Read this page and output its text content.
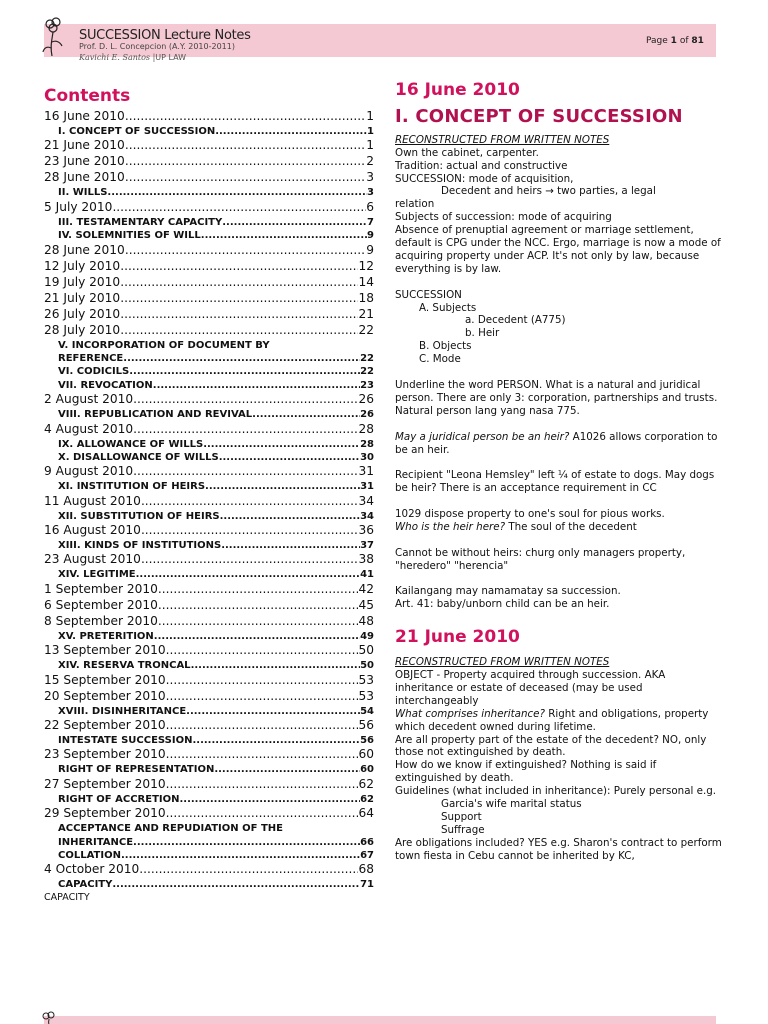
SUCCESSION Lecture Notes
Prof. D. L. Concepcion (A.Y. 2010-2011)
Kavichi E. Santos |UP LAW
Page 1 of 81
Contents
16 June 2010 .....	1
I. CONCEPT OF SUCCESSION .....	1
21 June 2010 .....	1
23 June 2010 .....	2
28 June 2010 .....	3
II. WILLS .....	3
5 July 2010 .....	6
III. TESTAMENTARY CAPACITY .....	7
IV. SOLEMNITIES OF WILL .....	9
28 June 2010 .....	9
12 July 2010 .....	12
19 July 2010 .....	14
21 July 2010 .....	18
26 July 2010 .....	21
28 July 2010 .....	22
V. INCORPORATION OF DOCUMENT BY
REFERENCE .....	22
VI. CODICILS .....	22
VII. REVOCATION .....	23
2 August 2010 .....	26
VIII. REPUBLICATION AND REVIVAL .....	26
4 August 2010 .....	28
IX. ALLOWANCE OF WILLS .....	28
X. DISALLOWANCE OF WILLS .....	30
9 August 2010 .....	31
XI. INSTITUTION OF HEIRS .....	31
11 August 2010 .....	34
XII. SUBSTITUTION OF HEIRS .....	34
16 August 2010 .....	36
XIII. KINDS OF INSTITUTIONS .....	37
23 August 2010 .....	38
XIV. LEGITIME .....	41
1 September 2010 .....	42
6 September 2010 .....	45
8 September 2010 .....	48
XV. PRETERITION .....	49
13 September 2010 .....	50
XIV. RESERVA TRONCAL .....	50
15 September 2010 .....	53
20 September 2010 .....	53
XVIII. DISINHERITANCE .....	54
22 September 2010 .....	56
INTESTATE SUCCESSION .....	56
23 September 2010 .....	60
RIGHT OF REPRESENTATION .....	60
27 September 2010 .....	62
RIGHT OF ACCRETION .....	62
29 September 2010 .....	64
ACCEPTANCE AND REPUDIATION OF THE
INHERITANCE .....	66
COLLATION .....	67
4 October 2010 .....	68
CAPACITY .....	71
CAPACITY
16 June 2010
I. CONCEPT OF SUCCESSION

RECONSTRUCTED FROM WRITTEN NOTES

Own the cabinet, carpenter.

Tradition: actual and constructive

SUCCESSION: mode of acquisition,

Decedent and heirs → two parties, a legal

relation

Subjects of succession: mode of acquiring

Absence of prenuptial agreement or marriage settlement, default is CPG under the NCC. Ergo, marriage is now a mode of acquiring property under ACP. It's not only by law, because everything is by law.

SUCCESSION

A. Subjects

a. Decedent (A775)

b. Heir

B. Objects

C. Mode

Underline the word PERSON. What is a natural and juridical person. There are only 3: corporation, partnerships and trusts.

Natural person lang yang nasa 775.

May a juridical person be an heir? A1026 allows corporation to be an heir.

Recipient "Leona Hemsley" left ¼ of estate to dogs. May dogs be heir? There is an acceptance requirement in CC

1029 dispose property to one's soul for pious works.

Who is the heir here? The soul of the decedent

Cannot be without heirs: churg only managers property, "heredero" "herencia"

Kailangang may namamatay sa succession.

Art. 41: baby/unborn child can be an heir.

21 June 2010

RECONSTRUCTED FROM WRITTEN NOTES

OBJECT - Property acquired through succession. AKA inheritance or estate of deceased (may be used interchangeably

What comprises inheritance? Right and obligations, property which decedent owned during lifetime.

Are all property part of the estate of the decedent? NO, only those not extinguished by death.

How do we know if extinguished? Nothing is said if extinguished by death.

Guidelines (what included in inheritance): Purely personal e.g.

Garcia's wife marital status

Support

Suffrage

Are obligations included? YES e.g. Sharon's contract to perform town fiesta in Cebu cannot be inherited by KC,
